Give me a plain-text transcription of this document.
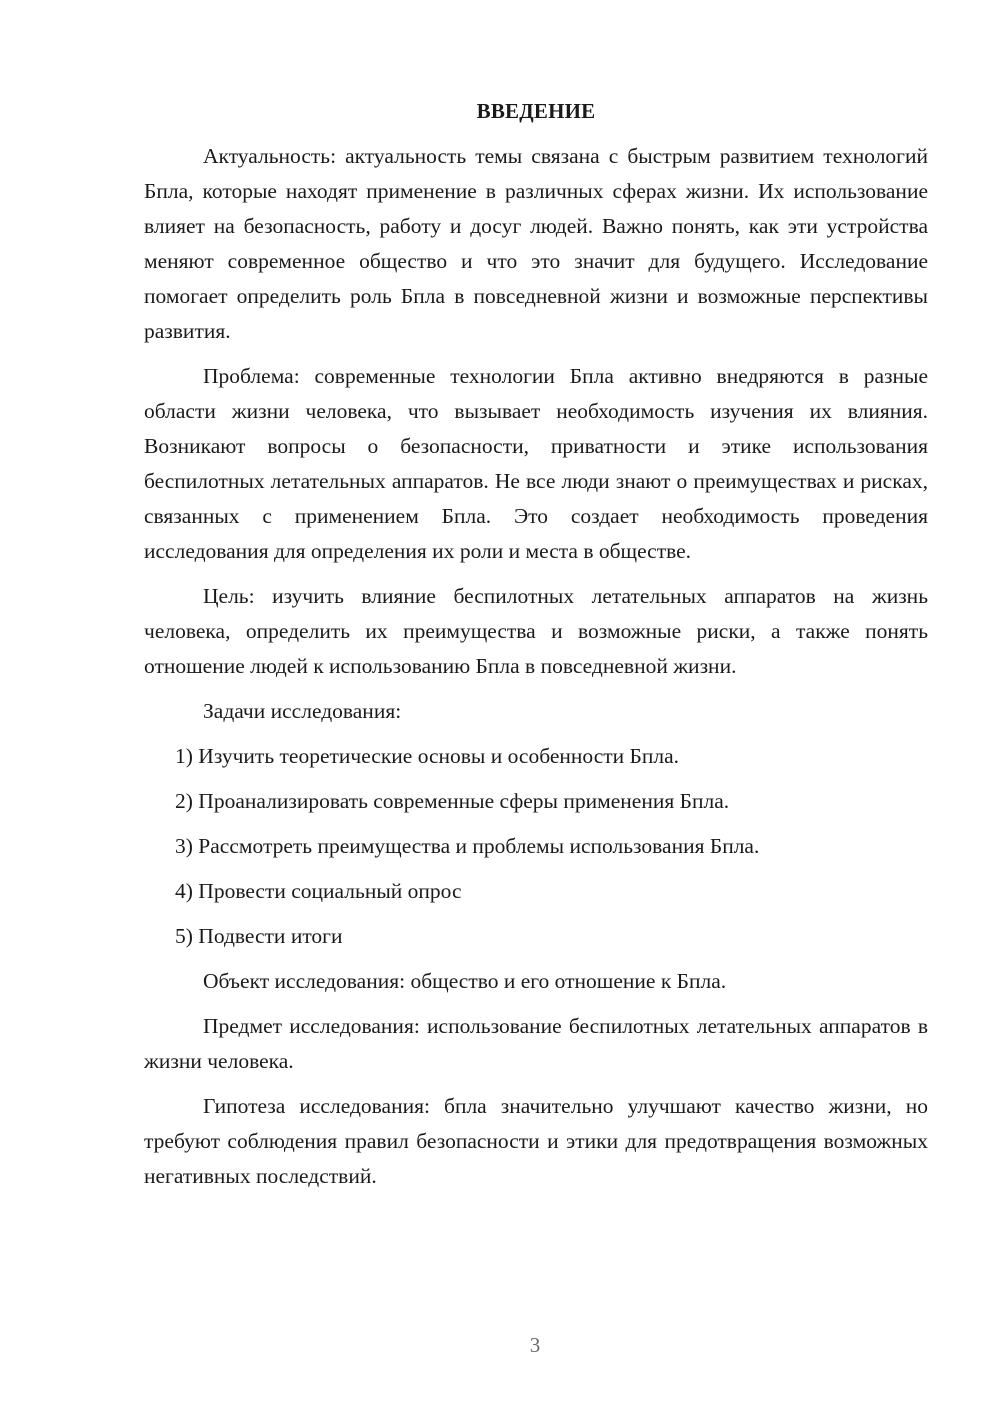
ВВЕДЕНИЕ

Актуальность: актуальность темы связана с быстрым развитием технологий Бпла, которые находят применение в различных сферах жизни. Их использование влияет на безопасность, работу и досуг людей. Важно понять, как эти устройства меняют современное общество и что это значит для будущего. Исследование помогает определить роль Бпла в повседневной жизни и возможные перспективы развития.

Проблема: современные технологии Бпла активно внедряются в разные области жизни человека, что вызывает необходимость изучения их влияния. Возникают вопросы о безопасности, приватности и этике использования беспилотных летательных аппаратов. Не все люди знают о преимуществах и рисках, связанных с применением Бпла. Это создает необходимость проведения исследования для определения их роли и места в обществе.

Цель: изучить влияние беспилотных летательных аппаратов на жизнь человека, определить их преимущества и возможные риски, а также понять отношение людей к использованию Бпла в повседневной жизни.

Задачи исследования:

1) Изучить теоретические основы и особенности Бпла.

2) Проанализировать современные сферы применения Бпла.

3) Рассмотреть преимущества и проблемы использования Бпла.

4) Провести социальный опрос

5) Подвести итоги

Объект исследования: общество и его отношение к Бпла.

Предмет исследования: использование беспилотных летательных аппаратов в жизни человека.

Гипотеза исследования: бпла значительно улучшают качество жизни, но требуют соблюдения правил безопасности и этики для предотвращения возможных негативных последствий.

3
